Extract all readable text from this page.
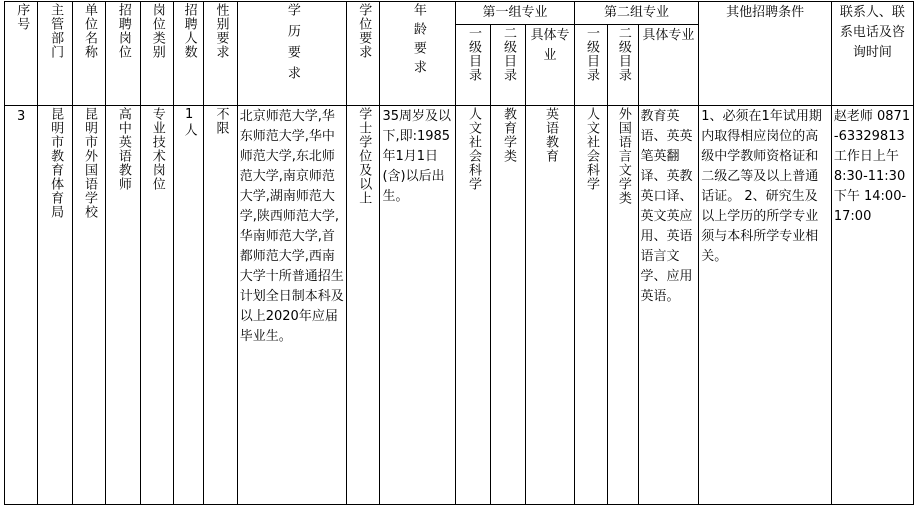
序号	主管部门	单位名称	招聘岗位	岗位类别	招聘人数	性别要求	学历要求	学位要求	年龄要求	第一组专业			第二组专业			其他招聘条件	联系人、联系电话及咨询时间
										一级目录	二级目录	具体专业	一级目录	二级目录	具体专业		
3	昆明市教育体育局	昆明市外国语学校	高中英语教师	专业技术岗位	1人	不限	北京师范大学,华东师范大学,华中师范大学,东北师范大学,南京师范大学,湖南师范大学,陕西师范大学,华南师范大学,首都师范大学,西南大学十所普通招生计划全日制本科及以上2020年应届毕业生。	学士学位及以上	35周岁及以下,即:1985年1月1日(含)以后出生。	人文社会科学	教育学类	英语教育	人文社会科学	外国语言文学类	教育英语、英英笔英翻译、英教英口译、英文英应用、英语语言文学、应用英语。	1、必须在1年试用期内取得相应岗位的高级中学教师资格证和二级乙等及以上普通话证。 2、研究生及以上学历的所学专业须与本科所学专业相关。	赵老师 0871-63329813 工作日上午8:30-11:30 下午 14:00-17:00
